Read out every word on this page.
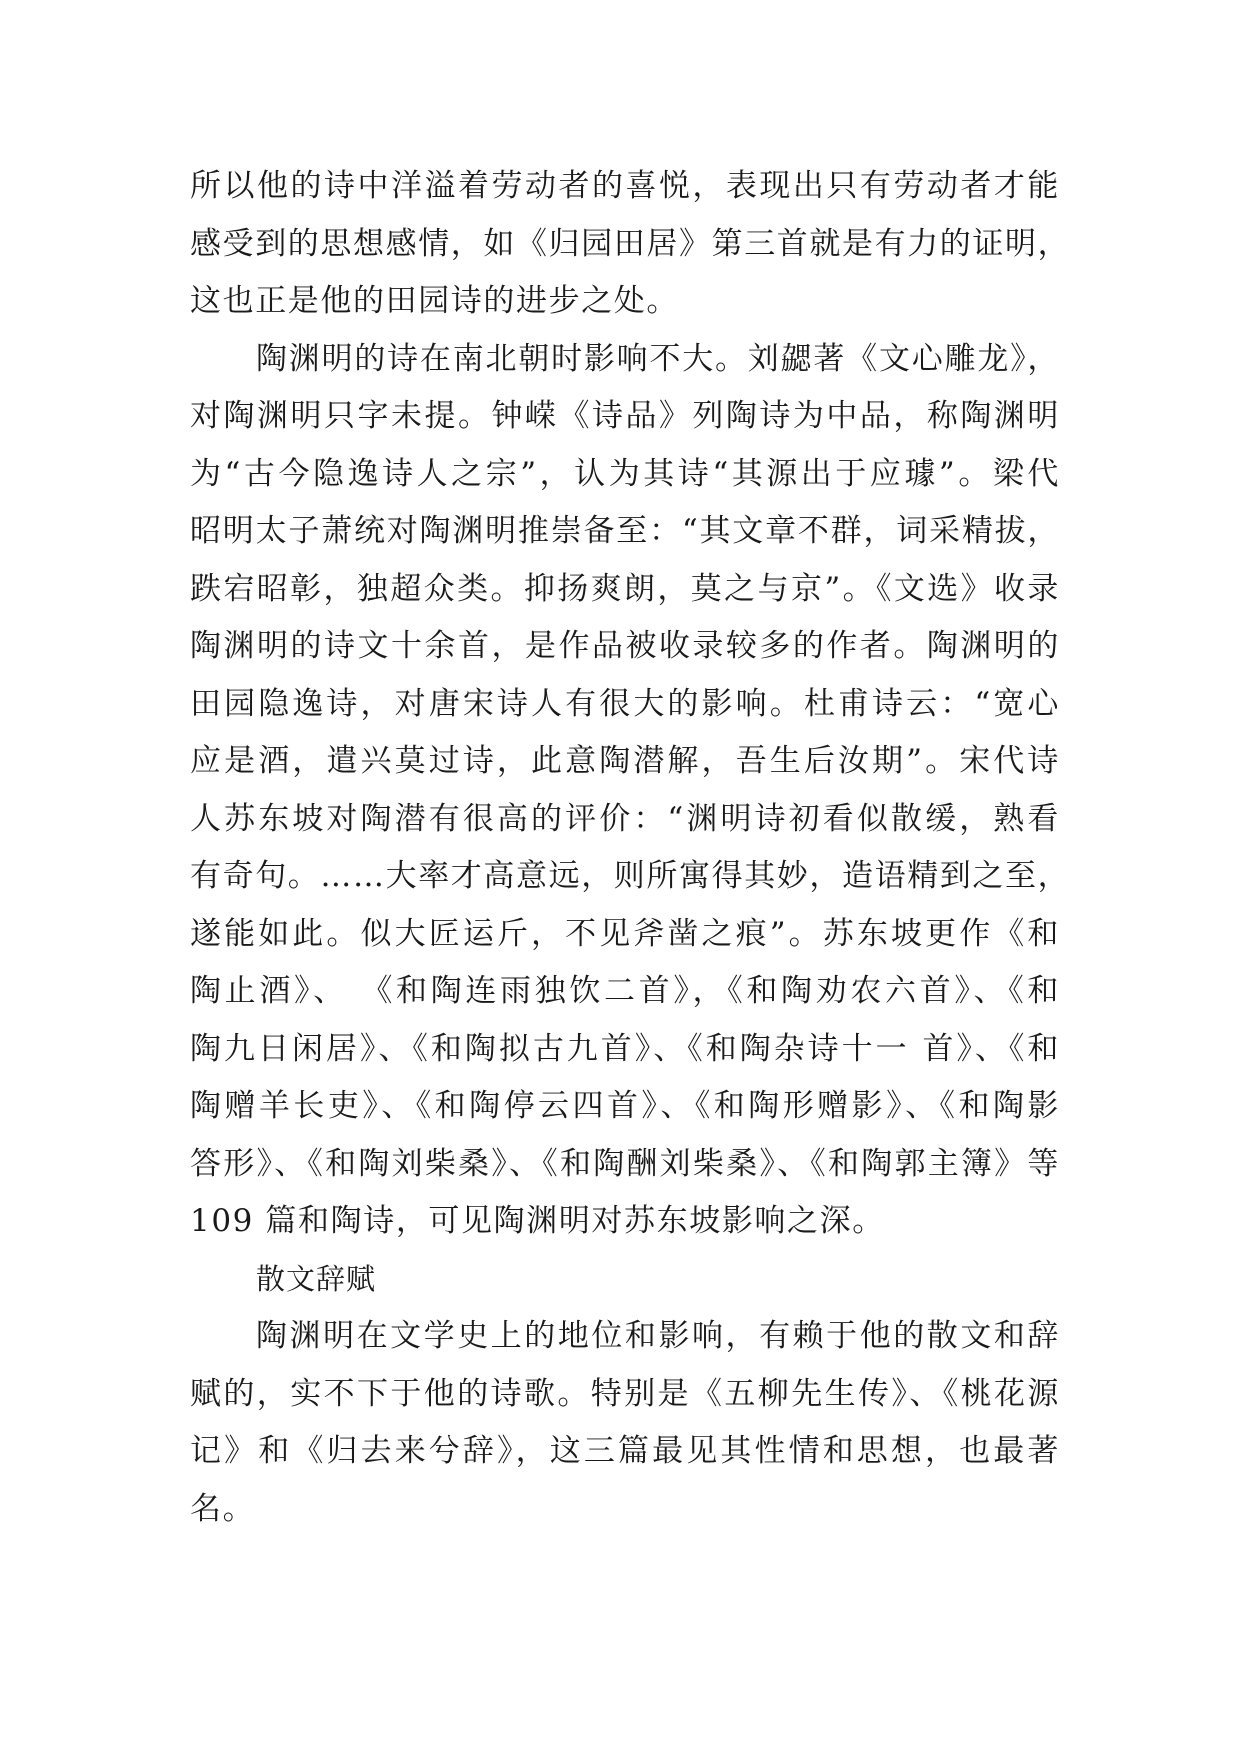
所以他的诗中洋溢着劳动者的喜悦，表现出只有劳动者才能
感受到的思想感情，如《归园田居》第三首就是有力的证明，
这也正是他的田园诗的进步之处。
陶渊明的诗在南北朝时影响不大。刘勰著《文心雕龙》，
对陶渊明只字未提。钟嵘《诗品》列陶诗为中品，称陶渊明
为“古今隐逸诗人之宗”，认为其诗“其源出于应璩”。梁代
昭明太子萧统对陶渊明推崇备至：“其文章不群，词采精拔，
跌宕昭彰，独超众类。抑扬爽朗，莫之与京”。《文选》收录
陶渊明的诗文十余首，是作品被收录较多的作者。陶渊明的
田园隐逸诗，对唐宋诗人有很大的影响。杜甫诗云：“宽心
应是酒，遣兴莫过诗，此意陶潜解，吾生后汝期”。宋代诗
人苏东坡对陶潜有很高的评价：“渊明诗初看似散缓，熟看
有奇句。……大率才高意远，则所寓得其妙，造语精到之至，
遂能如此。似大匠运斤，不见斧凿之痕”。苏东坡更作《和
陶止酒》、 《和陶连雨独饮二首》，《和陶劝农六首》、《和
陶九日闲居》、《和陶拟古九首》、《和陶杂诗十一 首》、《和
陶赠羊长吏》、《和陶停云四首》、《和陶形赠影》、《和陶影
答形》、《和陶刘柴桑》、《和陶酬刘柴桑》、《和陶郭主簿》等
109 篇和陶诗，可见陶渊明对苏东坡影响之深。
散文辞赋
陶渊明在文学史上的地位和影响，有赖于他的散文和辞
赋的，实不下于他的诗歌。特别是《五柳先生传》、《桃花源
记》和《归去来兮辞》，这三篇最见其性情和思想，也最著
名。
